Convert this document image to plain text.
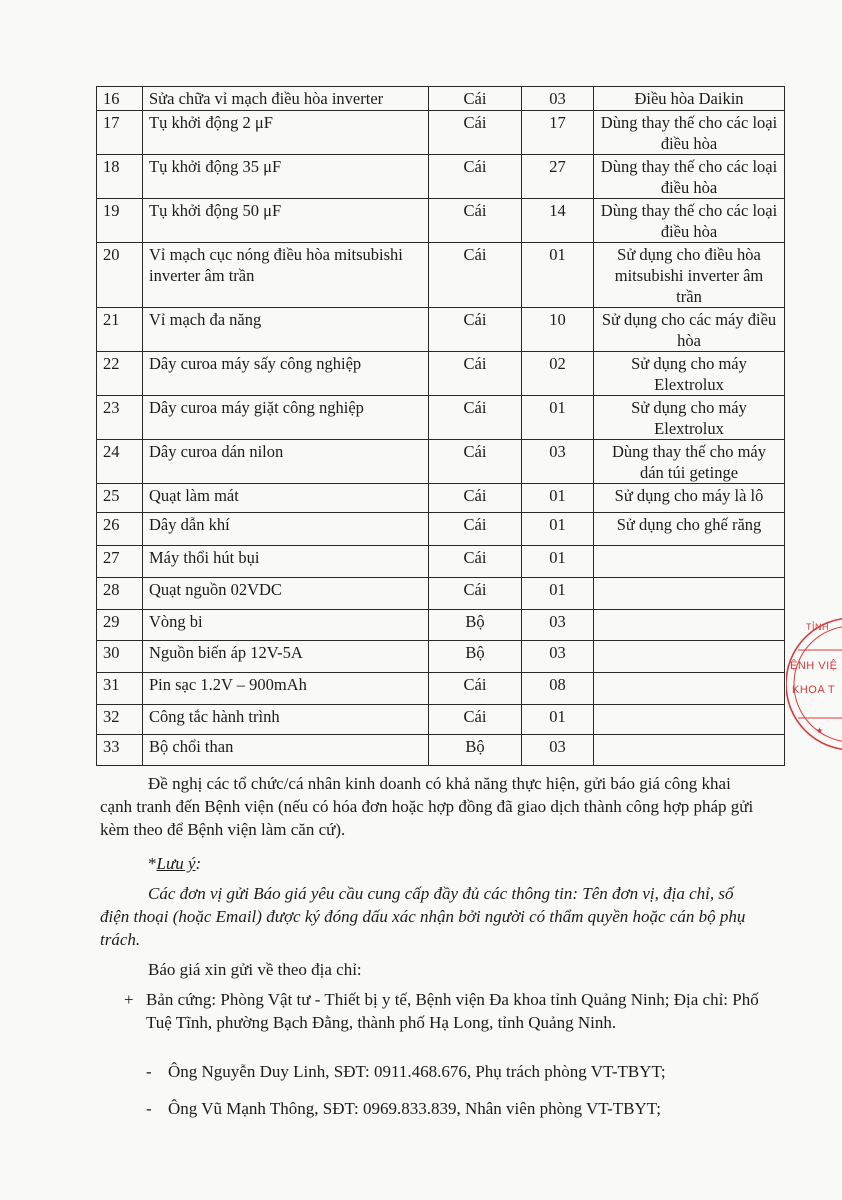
16	Sửa chữa vỉ mạch điều hòa inverter	Cái	03	Điều hòa Daikin
17	Tụ khởi động 2 μF	Cái	17	Dùng thay thế cho các loại điều hòa
18	Tụ khởi động 35 μF	Cái	27	Dùng thay thế cho các loại điều hòa
19	Tụ khởi động 50 μF	Cái	14	Dùng thay thế cho các loại điều hòa
20	Vỉ mạch cục nóng điều hòa mitsubishi inverter âm trần	Cái	01	Sử dụng cho điều hòa mitsubishi inverter âm trần
21	Vỉ mạch đa năng	Cái	10	Sử dụng cho các máy điều hòa
22	Dây curoa máy sấy công nghiệp	Cái	02	Sử dụng cho máy Elextrolux
23	Dây curoa máy giặt công nghiệp	Cái	01	Sử dụng cho máy Elextrolux
24	Dây curoa dán nilon	Cái	03	Dùng thay thế cho máy dán túi getinge
25	Quạt làm mát	Cái	01	Sử dụng cho máy là lô
26	Dây dẫn khí	Cái	01	Sử dụng cho ghế răng
27	Máy thổi hút bụi	Cái	01	
28	Quạt nguồn 02VDC	Cái	01	
29	Vòng bi	Bộ	03	
30	Nguồn biến áp 12V-5A	Bộ	03	
31	Pin sạc 1.2V – 900mAh	Cái	08	
32	Công tắc hành trình	Cái	01	
33	Bộ chổi than	Bộ	03	
Đề nghị các tổ chức/cá nhân kinh doanh có khả năng thực hiện, gửi báo giá công khai cạnh tranh đến Bệnh viện (nếu có hóa đơn hoặc hợp đồng đã giao dịch thành công hợp pháp gửi kèm theo để Bệnh viện làm căn cứ).
*Lưu ý:
Các đơn vị gửi Báo giá yêu cầu cung cấp đầy đủ các thông tin: Tên đơn vị, địa chỉ, số điện thoại (hoặc Email) được ký đóng dấu xác nhận bởi người có thẩm quyền hoặc cán bộ phụ trách.
Báo giá xin gửi về theo địa chỉ:
+ Bản cứng: Phòng Vật tư - Thiết bị y tế, Bệnh viện Đa khoa tỉnh Quảng Ninh; Địa chỉ: Phố Tuệ Tĩnh, phường Bạch Đằng, thành phố Hạ Long, tỉnh Quảng Ninh.
- Ông Nguyễn Duy Linh, SĐT: 0911.468.676, Phụ trách phòng VT-TBYT;
- Ông Vũ Mạnh Thông, SĐT: 0969.833.839, Nhân viên phòng VT-TBYT;
TỈNH
ỆNH VIỆ
KHOA T
★
